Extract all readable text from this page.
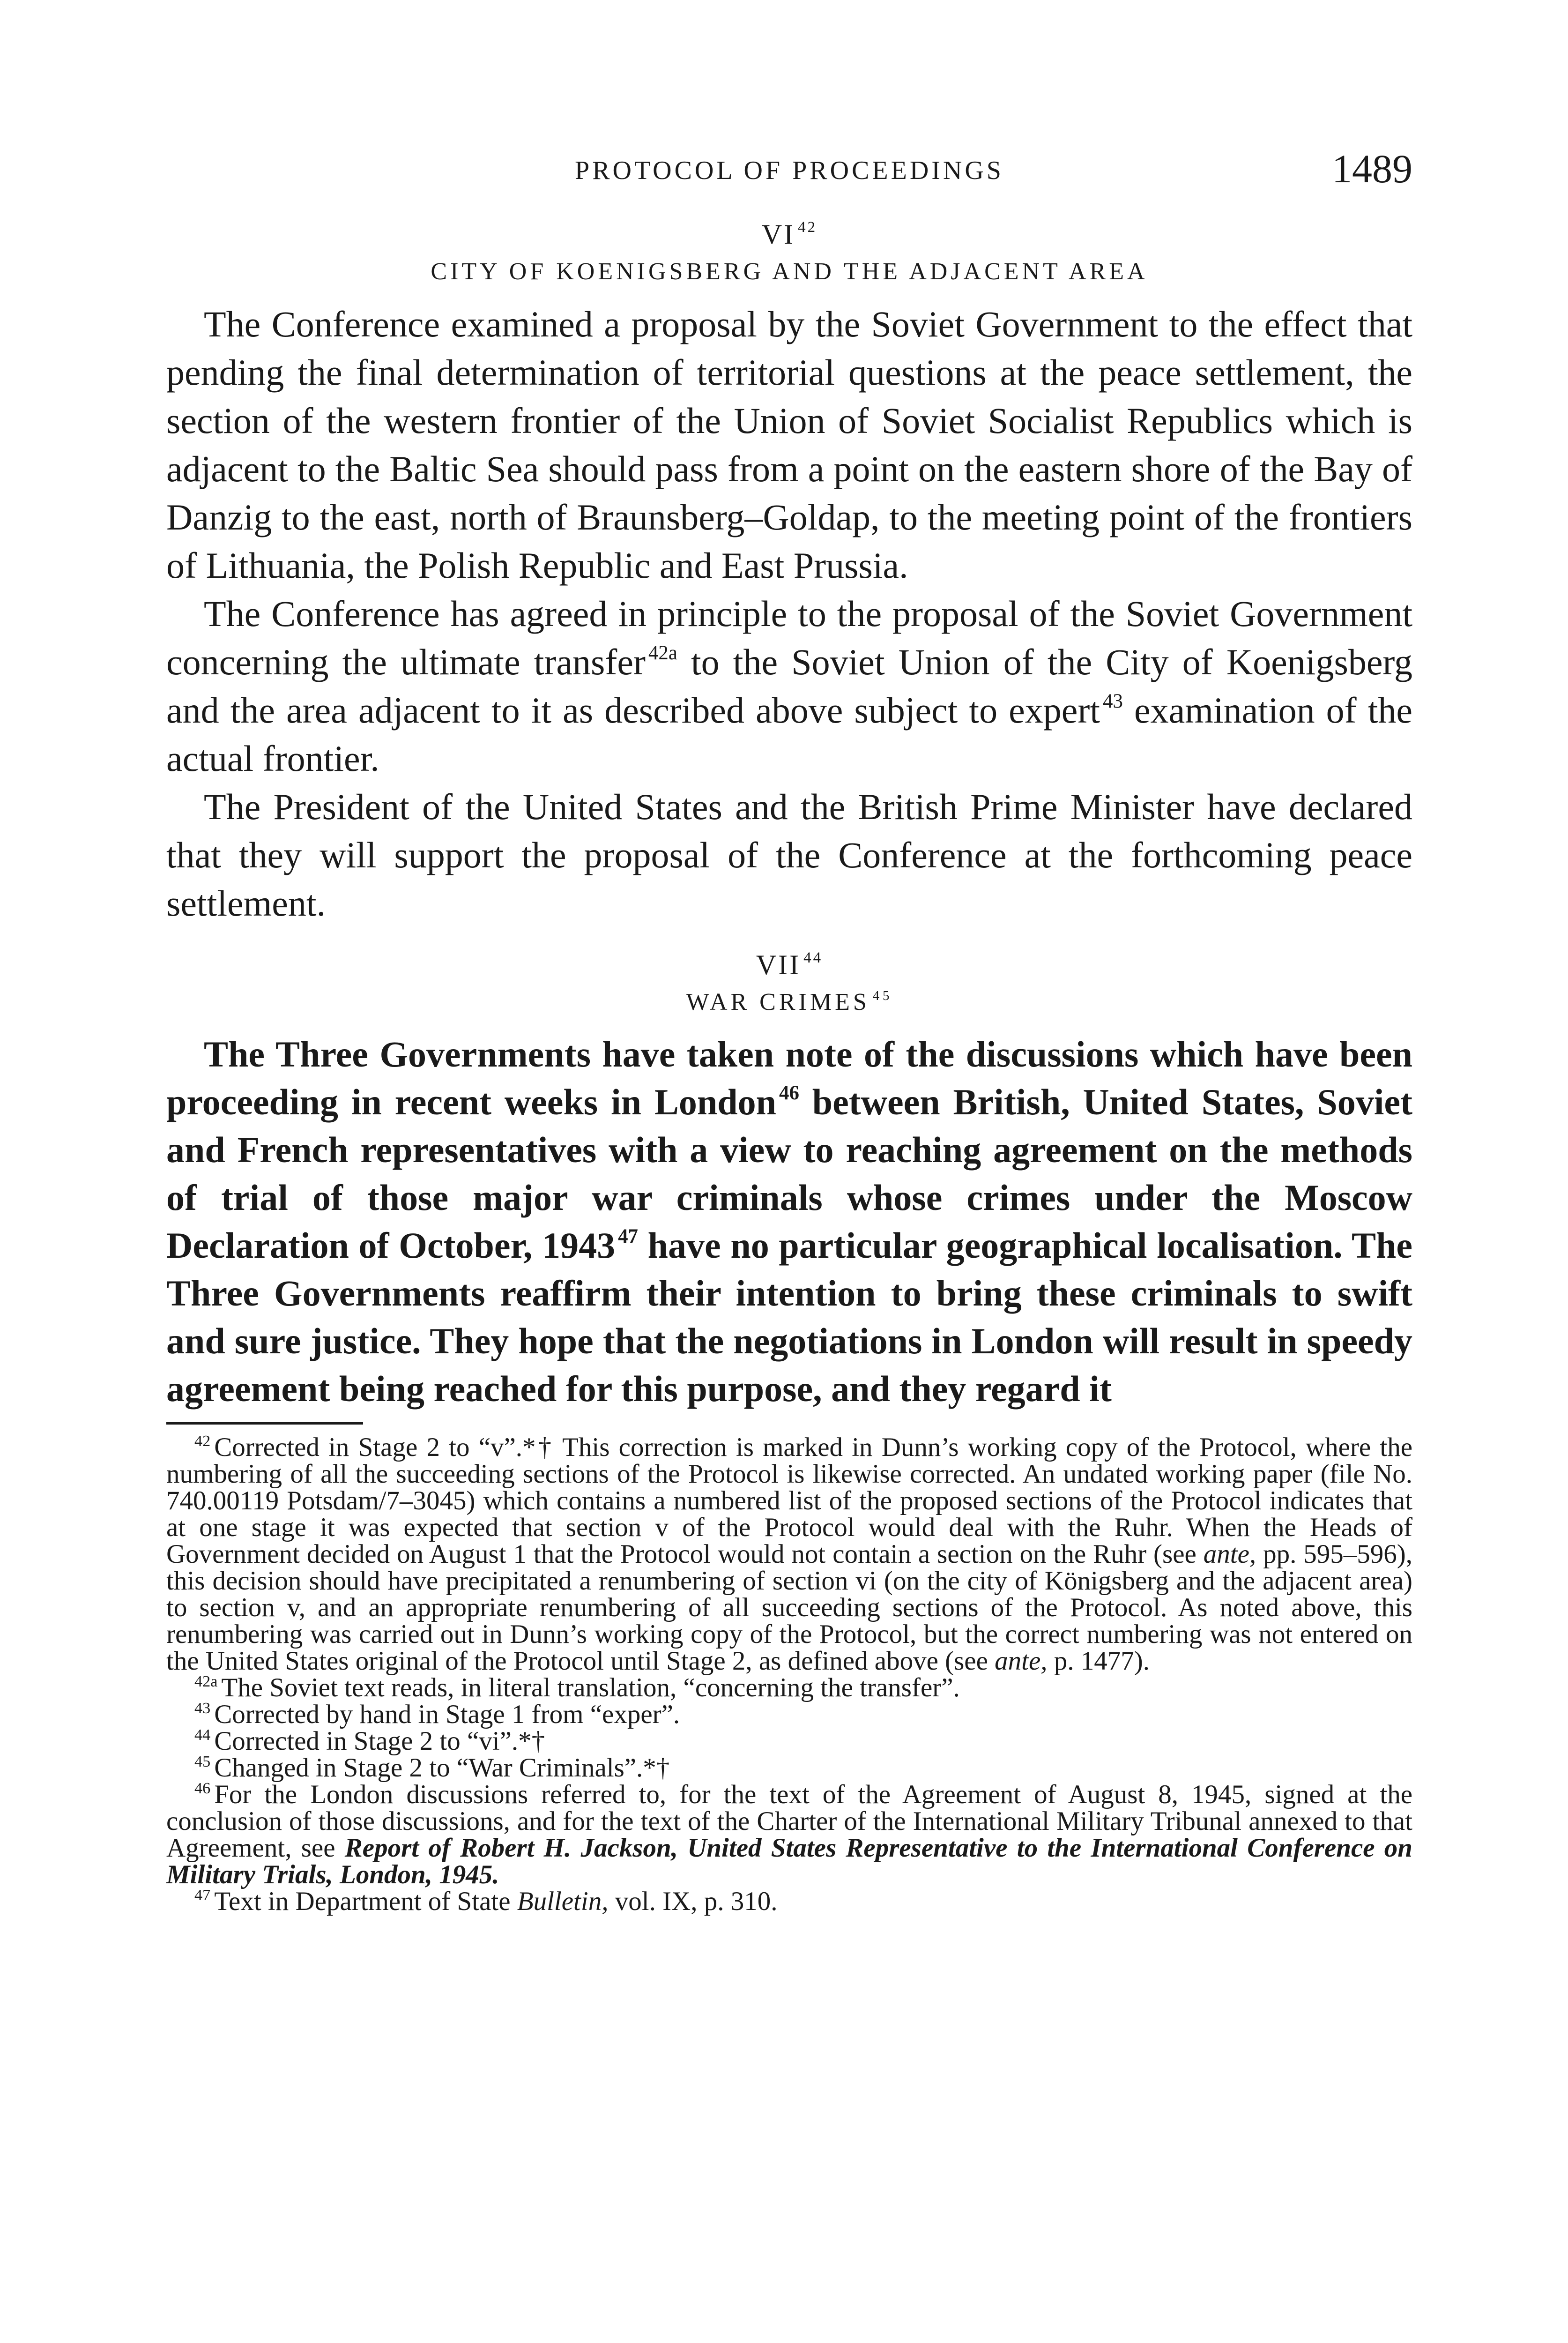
PROTOCOL OF PROCEEDINGS	1489
VI $^{42}$
CITY OF KOENIGSBERG AND THE ADJACENT AREA

The Conference examined a proposal by the Soviet Government to the effect that pending the final determination of territorial questions at the peace settlement, the section of the western frontier of the Union of Soviet Socialist Republics which is adjacent to the Baltic Sea should pass from a point on the eastern shore of the Bay of Danzig to the east, north of Braunsberg–Goldap, to the meeting point of the frontiers of Lithuania, the Polish Republic and East Prussia.

The Conference has agreed in principle to the proposal of the Soviet Government concerning the ultimate transfer $^{42a}$ to the Soviet Union of the City of Koenigsberg and the area adjacent to it as described above subject to expert $^{43}$ examination of the actual frontier.

The President of the United States and the British Prime Minister have declared that they will support the proposal of the Conference at the forthcoming peace settlement.

VII $^{44}$
WAR CRIMES $^{45}$

The Three Governments have taken note of the discussions which have been proceeding in recent weeks in London $^{46}$ between British, United States, Soviet and French representatives with a view to reaching agreement on the methods of trial of those major war criminals whose crimes under the Moscow Declaration of October, 1943 $^{47}$ have no particular geographical localisation. The Three Governments reaffirm their intention to bring these criminals to swift and sure justice. They hope that the negotiations in London will result in speedy agreement being reached for this purpose, and they regard it

$^{42}$ Corrected in Stage 2 to “v”.*† This correction is marked in Dunn’s working copy of the Protocol, where the numbering of all the succeeding sections of the Protocol is likewise corrected. An undated working paper (file No. 740.00119 Potsdam/7–3045) which contains a numbered list of the proposed sections of the Protocol indicates that at one stage it was expected that section v of the Protocol would deal with the Ruhr. When the Heads of Government decided on August 1 that the Protocol would not contain a section on the Ruhr (see ante, pp. 595–596), this decision should have precipitated a renumbering of section vi (on the city of Königsberg and the adjacent area) to section v, and an appropriate renumbering of all succeeding sections of the Protocol. As noted above, this renumbering was carried out in Dunn’s working copy of the Protocol, but the correct numbering was not entered on the United States original of the Protocol until Stage 2, as defined above (see ante, p. 1477).

$^{42a}$ The Soviet text reads, in literal translation, “concerning the transfer”.

$^{43}$ Corrected by hand in Stage 1 from “exper”.

$^{44}$ Corrected in Stage 2 to “vi”.*†

$^{45}$ Changed in Stage 2 to “War Criminals”.*†

$^{46}$ For the London discussions referred to, for the text of the Agreement of August 8, 1945, signed at the conclusion of those discussions, and for the text of the Charter of the International Military Tribunal annexed to that Agreement, see Report of Robert H. Jackson, United States Representative to the International Conference on Military Trials, London, 1945.

$^{47}$ Text in Department of State Bulletin, vol. IX, p. 310.
